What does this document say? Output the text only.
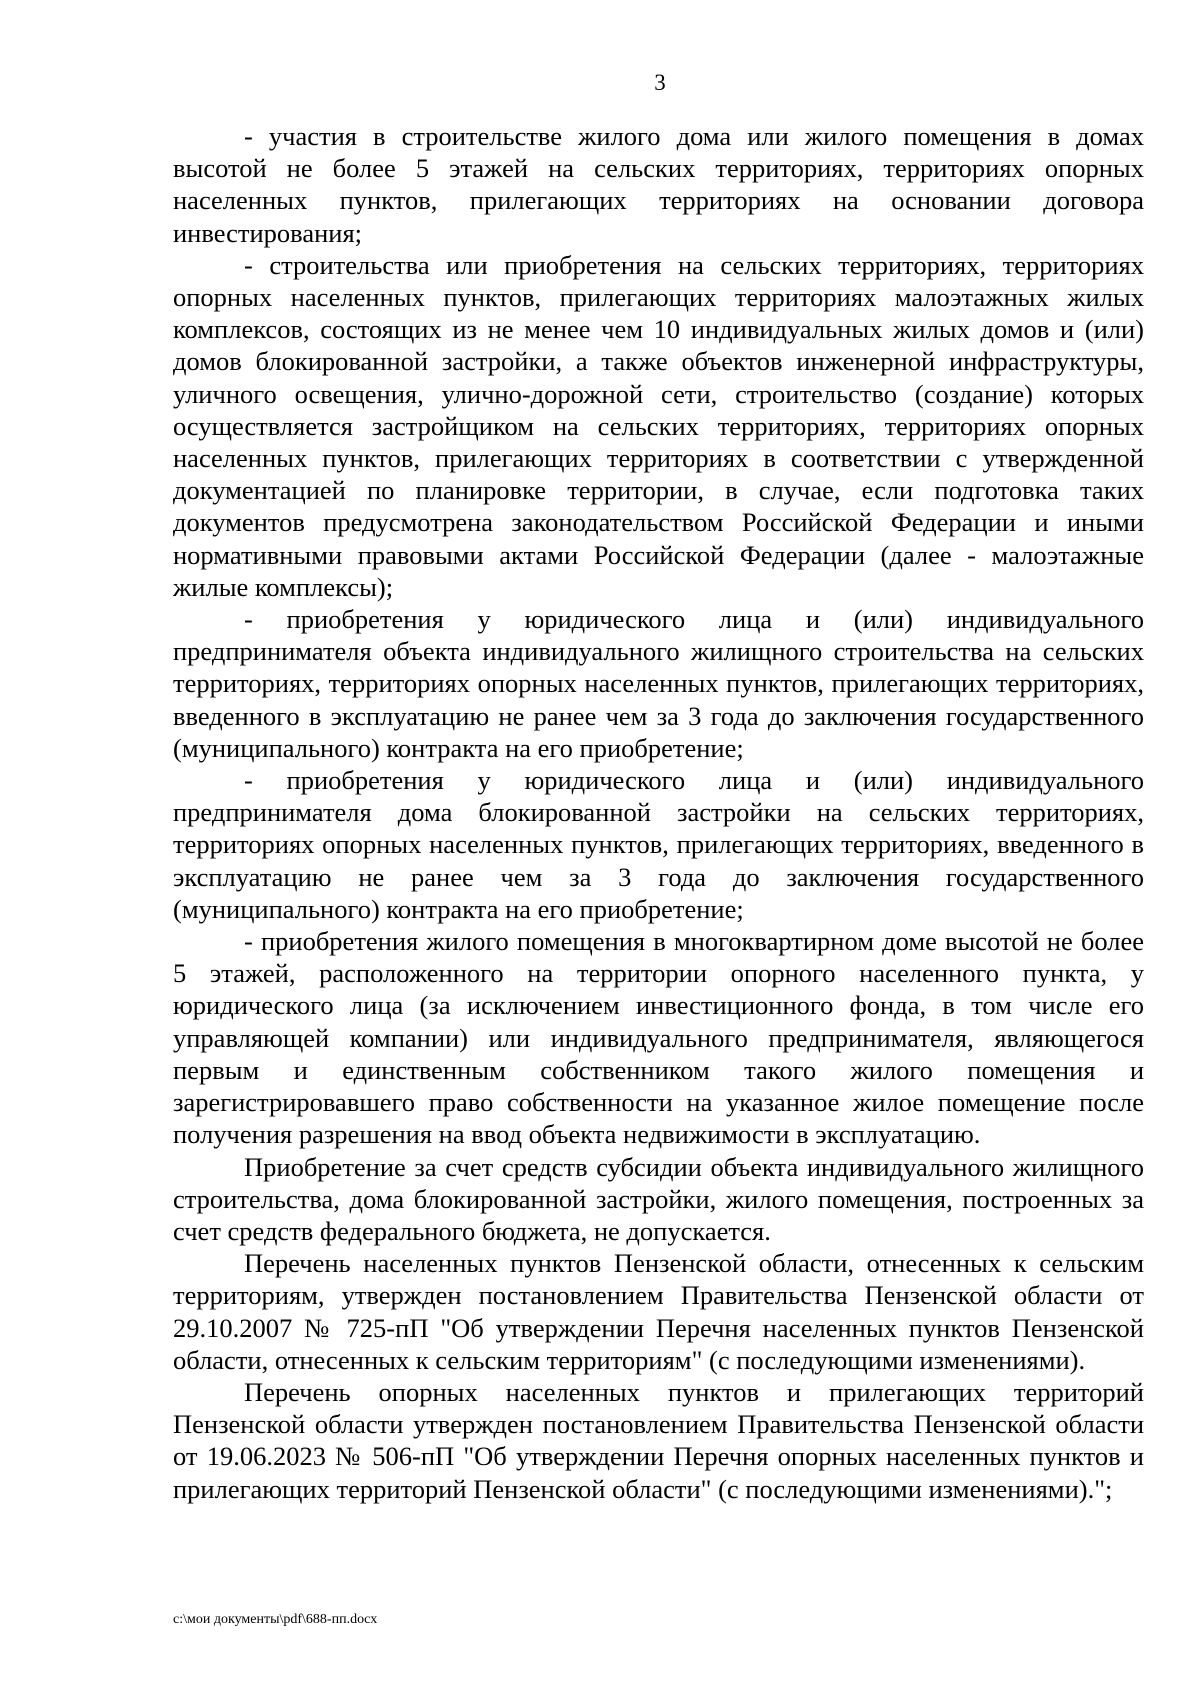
3

- участия в строительстве жилого дома или жилого помещения в домах высотой не более 5 этажей на сельских территориях, территориях опорных населенных пунктов, прилегающих территориях на основании договора инвестирования;

- строительства или приобретения на сельских территориях, территориях опорных населенных пунктов, прилегающих территориях малоэтажных жилых комплексов, состоящих из не менее чем 10 индивидуальных жилых домов и (или) домов блокированной застройки, а также объектов инженерной инфраструктуры, уличного освещения, улично-дорожной сети, строительство (создание) которых осуществляется застройщиком на сельских территориях, территориях опорных населенных пунктов, прилегающих территориях в соответствии с утвержденной документацией по планировке территории, в случае, если подготовка таких документов предусмотрена законодательством Российской Федерации и иными нормативными правовыми актами Российской Федерации (далее - малоэтажные жилые комплексы);

- приобретения у юридического лица и (или) индивидуального предпринимателя объекта индивидуального жилищного строительства на сельских территориях, территориях опорных населенных пунктов, прилегающих территориях, введенного в эксплуатацию не ранее чем за 3 года до заключения государственного (муниципального) контракта на его приобретение;

- приобретения у юридического лица и (или) индивидуального предпринимателя дома блокированной застройки на сельских территориях, территориях опорных населенных пунктов, прилегающих территориях, введенного в эксплуатацию не ранее чем за 3 года до заключения государственного (муниципального) контракта на его приобретение;

- приобретения жилого помещения в многоквартирном доме высотой не более 5 этажей, расположенного на территории опорного населенного пункта, у юридического лица (за исключением инвестиционного фонда, в том числе его управляющей компании) или индивидуального предпринимателя, являющегося первым и единственным собственником такого жилого помещения и зарегистрировавшего право собственности на указанное жилое помещение после получения разрешения на ввод объекта недвижимости в эксплуатацию.

Приобретение за счет средств субсидии объекта индивидуального жилищного строительства, дома блокированной застройки, жилого помещения, построенных за счет средств федерального бюджета, не допускается.

Перечень населенных пунктов Пензенской области, отнесенных к сельским территориям, утвержден постановлением Правительства Пензенской области от 29.10.2007 № 725-пП "Об утверждении Перечня населенных пунктов Пензенской области, отнесенных к сельским территориям" (с последующими изменениями).

Перечень опорных населенных пунктов и прилегающих территорий Пензенской области утвержден постановлением Правительства Пензенской области от 19.06.2023 № 506-пП "Об утверждении Перечня опорных населенных пунктов и прилегающих территорий Пензенской области" (с последующими изменениями).";

c:\мои документы\pdf\688-пп.docx
